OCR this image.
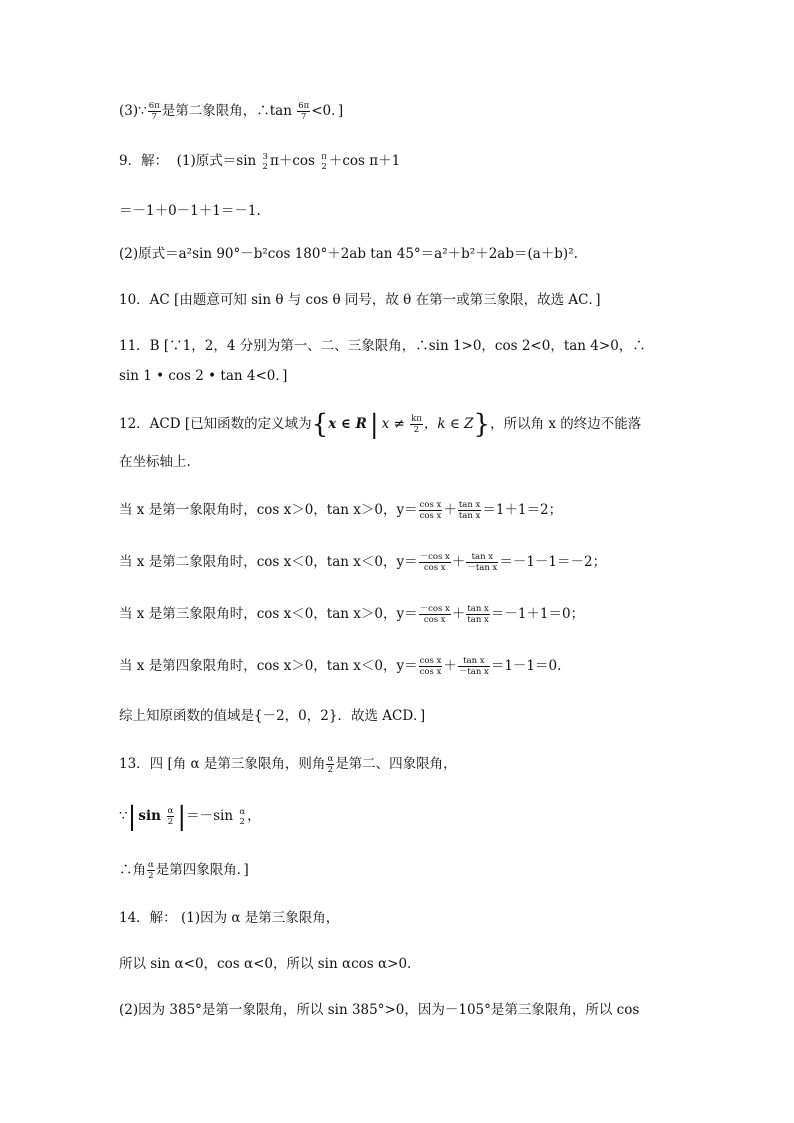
(3)∵ $\frac{6\pi}{7}$ 是第二象限角，∴tan $\frac{6\pi}{7} <0$．]
9．解：  (1)原式＝sin 3
2 π＋cos π
2 ＋cos π＋1
＝－1＋0－1＋1＝－1.
(2)原式＝a²sin 90°－b²cos 180°＋2ab tan 45°＝a²＋b²＋2ab＝(a＋b)².
10．AC [由题意可知 sin θ 与 cos θ 同号，故 θ 在第一或第三象限，故选 AC．]
11．B [∵1，2，4 分别为第一、二、三象限角，∴sin 1>0，cos 2<0，tan 4>0，∴
sin 1 • cos 2 • tan 4<0．]
12．ACD [已知函数的定义域为{x ∈ R | $x \ne \frac{k\pi}{2}$ ，k ∈ Z}，所以角 x 的终边不能落
在坐标轴上.
当 x 是第一象限角时，cos x＞0，tan x＞0，$y= \frac{\text{cos x}}{\text{cos x}} + \frac{\text{tan x}}{\text{tan x}} =1+1=2$；
当 x 是第二象限角时，cos x＜0，tan x＜0，$y= \frac{\text{－cos x}}{\text{cos x}} + \frac{\text{tan x}}{\text{－tan x}} =-1-1=-2$；
当 x 是第三象限角时，cos x＜0，tan x＞0，$y= \frac{\text{－cos x}}{\text{cos x}} + \frac{\text{tan x}}{\text{tan x}} =-1+1=0$；
当 x 是第四象限角时，cos x＞0，tan x＜0，$y= \frac{\text{cos x}}{\text{cos x}} + \frac{\text{tan x}}{\text{－tan x}} =1-1=0$.
综上知原函数的值域是{－2，0，2}．故选 ACD．]
13．四 [角 α 是第三象限角，则角 $\frac{\alpha}{2}$ 是第二、四象限角，
∵| $\sin \frac{\alpha}{2} |=-\sin$ α
2 ，
∴角 $\frac{\alpha}{2}$ 是第四象限角．]
14．解： (1)因为 α 是第三象限角，
所以 sin α<0，cos α<0，所以 sin αcos α>0.
(2)因为 385°是第一象限角，所以 sin 385°>0，因为－105°是第三象限角，所以 cos
